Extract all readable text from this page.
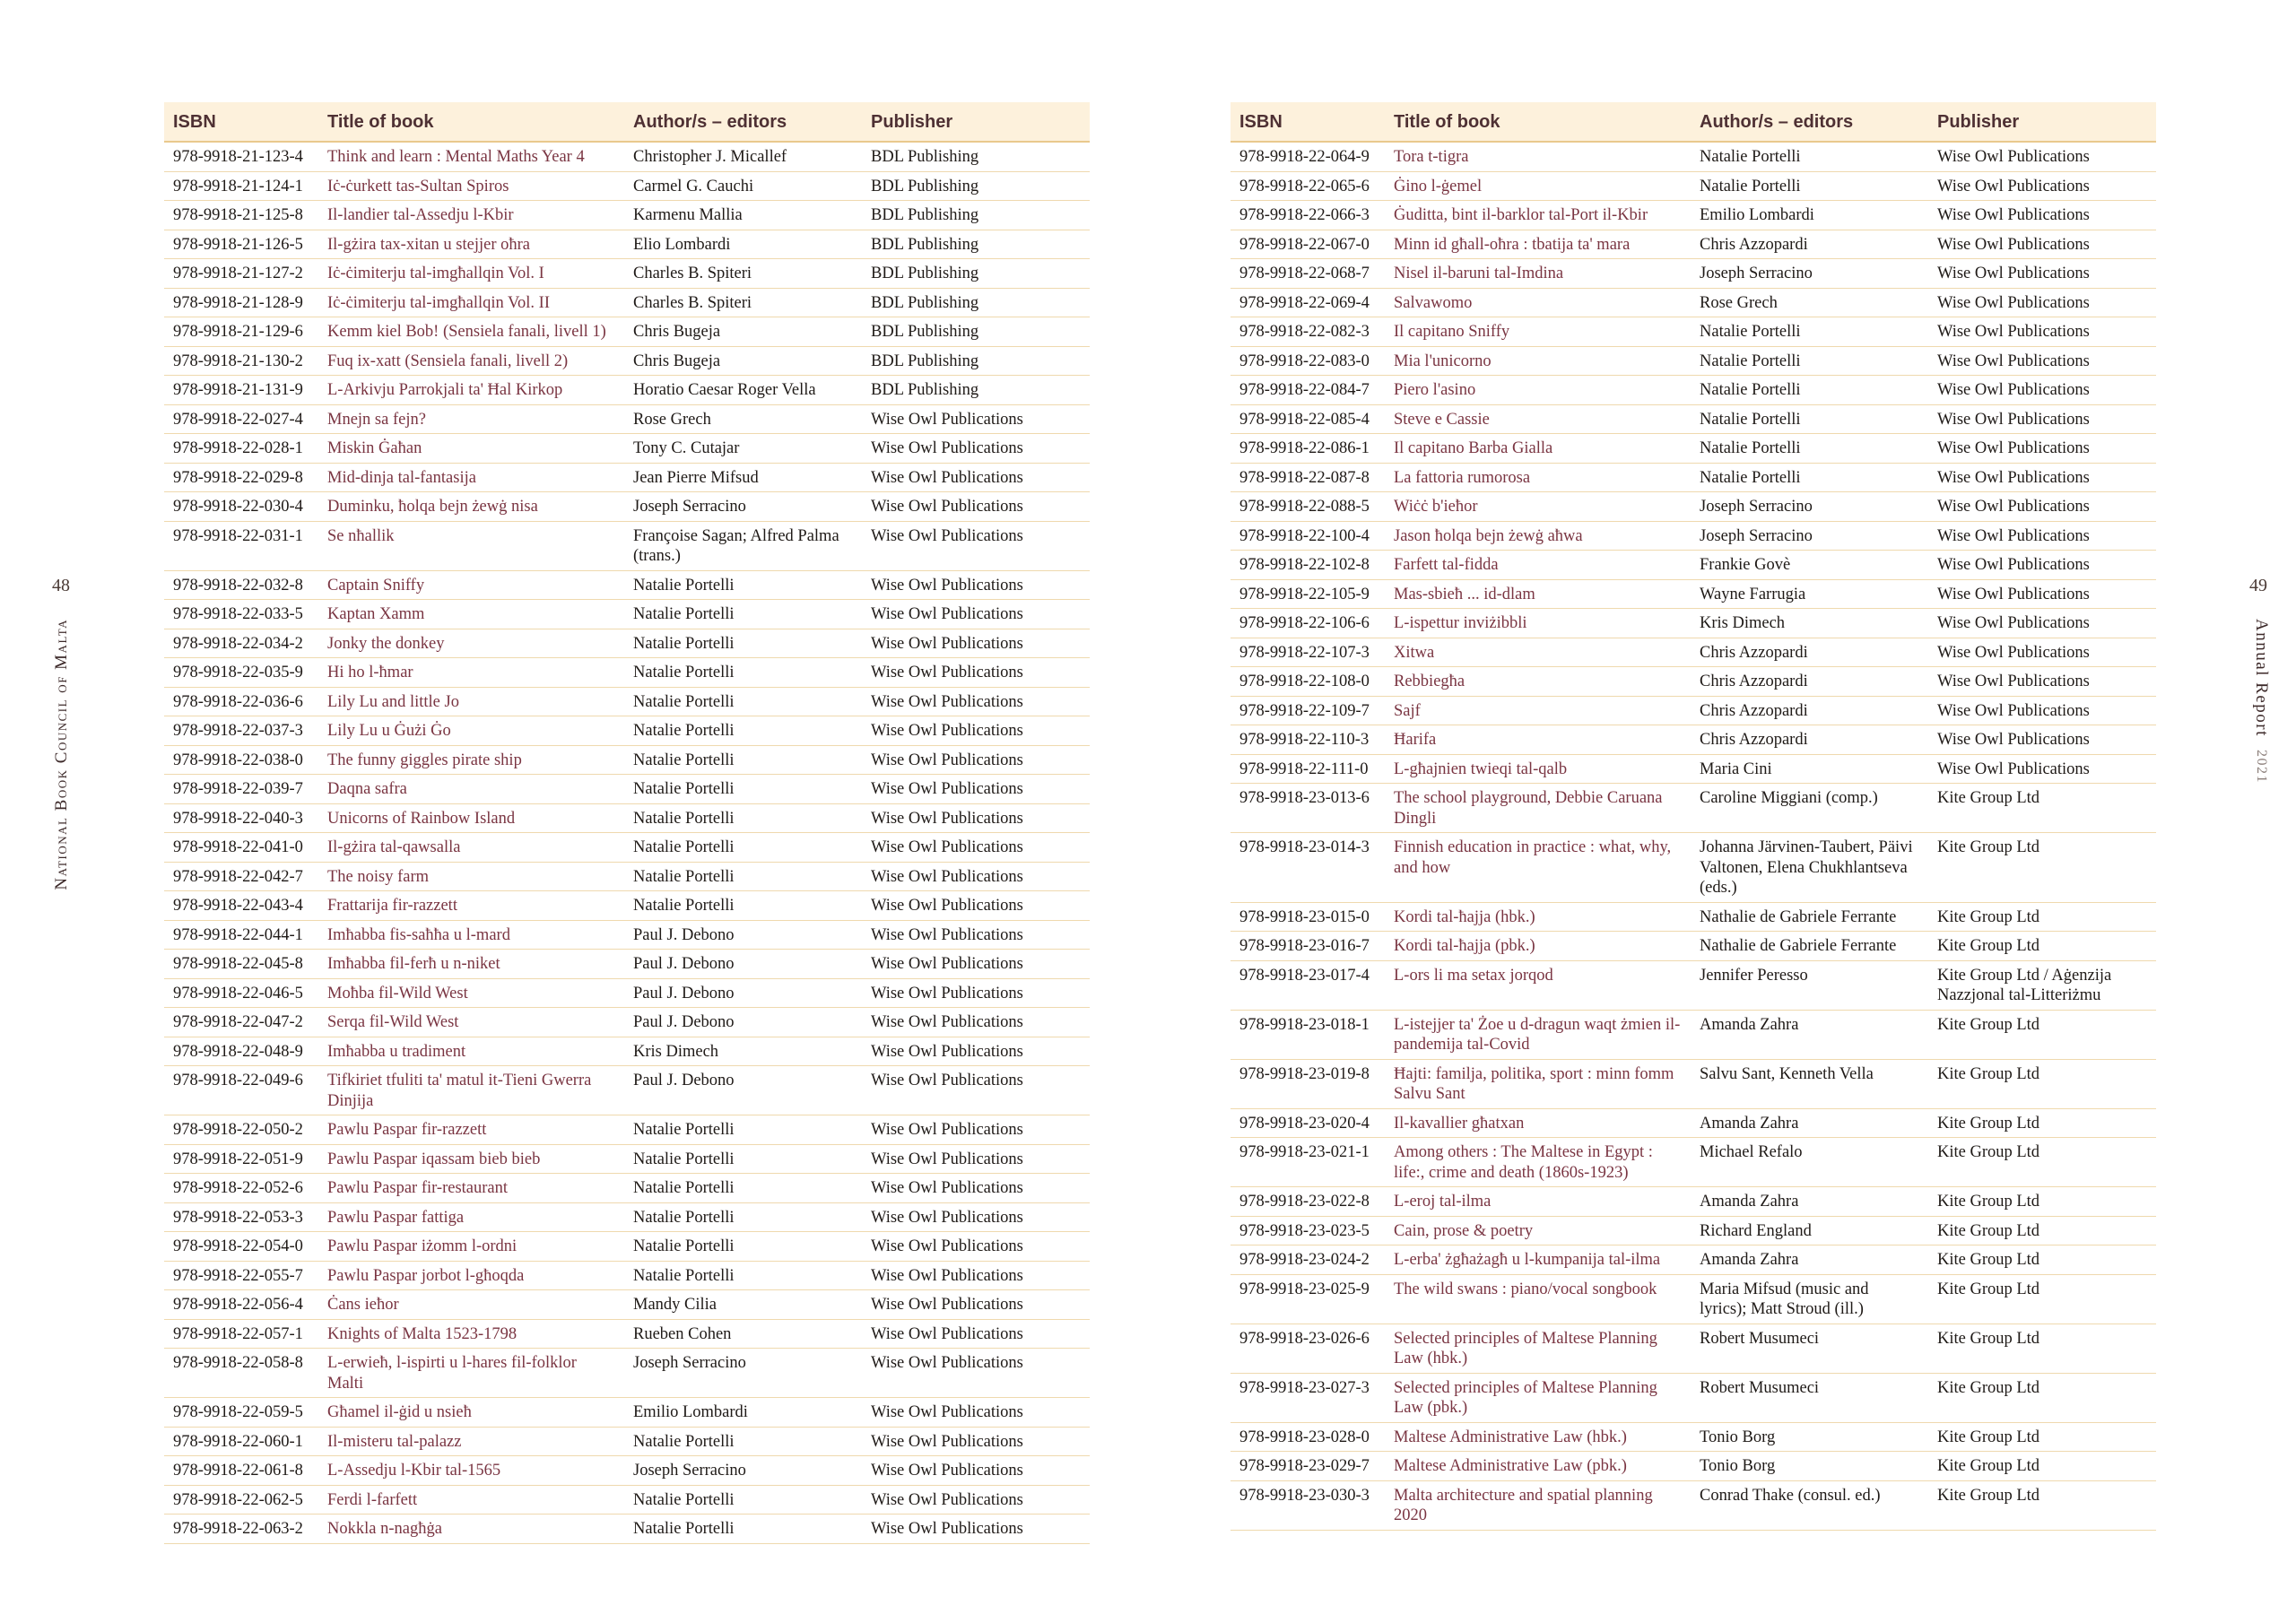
48
National Book Council of Malta
49
Annual Report 2021
ISBN	Title of book	Author/s – editors	Publisher
978-9918-21-123-4	Think and learn : Mental Maths Year 4	Christopher J. Micallef	BDL Publishing
978-9918-21-124-1	Iċ-ċurkett tas-Sultan Spiros	Carmel G. Cauchi	BDL Publishing
978-9918-21-125-8	Il-landier tal-Assedju l-Kbir	Karmenu Mallia	BDL Publishing
978-9918-21-126-5	Il-gżira tax-xitan u stejjer oħra	Elio Lombardi	BDL Publishing
978-9918-21-127-2	Iċ-ċimiterju tal-imgħallqin Vol. I	Charles B. Spiteri	BDL Publishing
978-9918-21-128-9	Iċ-ċimiterju tal-imgħallqin Vol. II	Charles B. Spiteri	BDL Publishing
978-9918-21-129-6	Kemm kiel Bob! (Sensiela fanali, livell 1)	Chris Bugeja	BDL Publishing
978-9918-21-130-2	Fuq ix-xatt (Sensiela fanali, livell 2)	Chris Bugeja	BDL Publishing
978-9918-21-131-9	L-Arkivju Parrokjali ta' Ħal Kirkop	Horatio Caesar Roger Vella	BDL Publishing
978-9918-22-027-4	Mnejn sa fejn?	Rose Grech	Wise Owl Publications
978-9918-22-028-1	Miskin Ġaħan	Tony C. Cutajar	Wise Owl Publications
978-9918-22-029-8	Mid-dinja tal-fantasija	Jean Pierre Mifsud	Wise Owl Publications
978-9918-22-030-4	Duminku, ħolqa bejn żewġ nisa	Joseph Serracino	Wise Owl Publications
978-9918-22-031-1	Se nħallik	Françoise Sagan; Alfred Palma (trans.)	Wise Owl Publications
978-9918-22-032-8	Captain Sniffy	Natalie Portelli	Wise Owl Publications
978-9918-22-033-5	Kaptan Xamm	Natalie Portelli	Wise Owl Publications
978-9918-22-034-2	Jonky the donkey	Natalie Portelli	Wise Owl Publications
978-9918-22-035-9	Hi ho l-ħmar	Natalie Portelli	Wise Owl Publications
978-9918-22-036-6	Lily Lu and little Jo	Natalie Portelli	Wise Owl Publications
978-9918-22-037-3	Lily Lu u Ġużi Ġo	Natalie Portelli	Wise Owl Publications
978-9918-22-038-0	The funny giggles pirate ship	Natalie Portelli	Wise Owl Publications
978-9918-22-039-7	Daqna safra	Natalie Portelli	Wise Owl Publications
978-9918-22-040-3	Unicorns of Rainbow Island	Natalie Portelli	Wise Owl Publications
978-9918-22-041-0	Il-gżira tal-qawsalla	Natalie Portelli	Wise Owl Publications
978-9918-22-042-7	The noisy farm	Natalie Portelli	Wise Owl Publications
978-9918-22-043-4	Frattarija fir-razzett	Natalie Portelli	Wise Owl Publications
978-9918-22-044-1	Imħabba fis-saħħa u l-mard	Paul J. Debono	Wise Owl Publications
978-9918-22-045-8	Imħabba fil-ferħ u n-niket	Paul J. Debono	Wise Owl Publications
978-9918-22-046-5	Moħba fil-Wild West	Paul J. Debono	Wise Owl Publications
978-9918-22-047-2	Serqa fil-Wild West	Paul J. Debono	Wise Owl Publications
978-9918-22-048-9	Imħabba u tradiment	Kris Dimech	Wise Owl Publications
978-9918-22-049-6	Tifkiriet tfuliti ta' matul it-Tieni Gwerra Dinjija	Paul J. Debono	Wise Owl Publications
978-9918-22-050-2	Pawlu Paspar fir-razzett	Natalie Portelli	Wise Owl Publications
978-9918-22-051-9	Pawlu Paspar iqassam bieb bieb	Natalie Portelli	Wise Owl Publications
978-9918-22-052-6	Pawlu Paspar fir-restaurant	Natalie Portelli	Wise Owl Publications
978-9918-22-053-3	Pawlu Paspar fattiga	Natalie Portelli	Wise Owl Publications
978-9918-22-054-0	Pawlu Paspar iżomm l-ordni	Natalie Portelli	Wise Owl Publications
978-9918-22-055-7	Pawlu Paspar jorbot l-għoqda	Natalie Portelli	Wise Owl Publications
978-9918-22-056-4	Ċans ieħor	Mandy Cilia	Wise Owl Publications
978-9918-22-057-1	Knights of Malta 1523-1798	Rueben Cohen	Wise Owl Publications
978-9918-22-058-8	L-erwieħ, l-ispirti u l-hares fil-folklor Malti	Joseph Serracino	Wise Owl Publications
978-9918-22-059-5	Għamel il-ġid u nsieħ	Emilio Lombardi	Wise Owl Publications
978-9918-22-060-1	Il-misteru tal-palazz	Natalie Portelli	Wise Owl Publications
978-9918-22-061-8	L-Assedju l-Kbir tal-1565	Joseph Serracino	Wise Owl Publications
978-9918-22-062-5	Ferdi l-farfett	Natalie Portelli	Wise Owl Publications
978-9918-22-063-2	Nokkla n-nagħġa	Natalie Portelli	Wise Owl Publications
ISBN	Title of book	Author/s – editors	Publisher
978-9918-22-064-9	Tora t-tigra	Natalie Portelli	Wise Owl Publications
978-9918-22-065-6	Ġino l-ġemel	Natalie Portelli	Wise Owl Publications
978-9918-22-066-3	Ġuditta, bint il-barklor tal-Port il-Kbir	Emilio Lombardi	Wise Owl Publications
978-9918-22-067-0	Minn id għall-oħra : tbatija ta' mara	Chris Azzopardi	Wise Owl Publications
978-9918-22-068-7	Nisel il-baruni tal-Imdina	Joseph Serracino	Wise Owl Publications
978-9918-22-069-4	Salvawomo	Rose Grech	Wise Owl Publications
978-9918-22-082-3	Il capitano Sniffy	Natalie Portelli	Wise Owl Publications
978-9918-22-083-0	Mia l'unicorno	Natalie Portelli	Wise Owl Publications
978-9918-22-084-7	Piero l'asino	Natalie Portelli	Wise Owl Publications
978-9918-22-085-4	Steve e Cassie	Natalie Portelli	Wise Owl Publications
978-9918-22-086-1	Il capitano Barba Gialla	Natalie Portelli	Wise Owl Publications
978-9918-22-087-8	La fattoria rumorosa	Natalie Portelli	Wise Owl Publications
978-9918-22-088-5	Wiċċ b'ieħor	Joseph Serracino	Wise Owl Publications
978-9918-22-100-4	Jason ħolqa bejn żewġ aħwa	Joseph Serracino	Wise Owl Publications
978-9918-22-102-8	Farfett tal-fidda	Frankie Govè	Wise Owl Publications
978-9918-22-105-9	Mas-sbieħ ... id-dlam	Wayne Farrugia	Wise Owl Publications
978-9918-22-106-6	L-ispettur inviżibbli	Kris Dimech	Wise Owl Publications
978-9918-22-107-3	Xitwa	Chris Azzopardi	Wise Owl Publications
978-9918-22-108-0	Rebbiegħa	Chris Azzopardi	Wise Owl Publications
978-9918-22-109-7	Sajf	Chris Azzopardi	Wise Owl Publications
978-9918-22-110-3	Ħarifa	Chris Azzopardi	Wise Owl Publications
978-9918-22-111-0	L-għajnien twieqi tal-qalb	Maria Cini	Wise Owl Publications
978-9918-23-013-6	The school playground, Debbie Caruana Dingli	Caroline Miggiani (comp.)	Kite Group Ltd
978-9918-23-014-3	Finnish education in practice : what, why, and how	Johanna Järvinen-Taubert, Päivi Valtonen, Elena Chukhlantseva (eds.)	Kite Group Ltd
978-9918-23-015-0	Kordi tal-ħajja (hbk.)	Nathalie de Gabriele Ferrante	Kite Group Ltd
978-9918-23-016-7	Kordi tal-ħajja (pbk.)	Nathalie de Gabriele Ferrante	Kite Group Ltd
978-9918-23-017-4	L-ors li ma setax jorqod	Jennifer Peresso	Kite Group Ltd / Aġenzija Nazzjonal tal-Litteriżmu
978-9918-23-018-1	L-istejjer ta' Żoe u d-dragun waqt żmien il-pandemija tal-Covid	Amanda Zahra	Kite Group Ltd
978-9918-23-019-8	Ħajti: familja, politika, sport : minn fomm Salvu Sant	Salvu Sant, Kenneth Vella	Kite Group Ltd
978-9918-23-020-4	Il-kavallier għatxan	Amanda Zahra	Kite Group Ltd
978-9918-23-021-1	Among others : The Maltese in Egypt : life:, crime and death (1860s-1923)	Michael Refalo	Kite Group Ltd
978-9918-23-022-8	L-eroj tal-ilma	Amanda Zahra	Kite Group Ltd
978-9918-23-023-5	Cain, prose & poetry	Richard England	Kite Group Ltd
978-9918-23-024-2	L-erba' żgħażagħ u l-kumpanija tal-ilma	Amanda Zahra	Kite Group Ltd
978-9918-23-025-9	The wild swans : piano/vocal songbook	Maria Mifsud (music and lyrics); Matt Stroud (ill.)	Kite Group Ltd
978-9918-23-026-6	Selected principles of Maltese Planning Law (hbk.)	Robert Musumeci	Kite Group Ltd
978-9918-23-027-3	Selected principles of Maltese Planning Law (pbk.)	Robert Musumeci	Kite Group Ltd
978-9918-23-028-0	Maltese Administrative Law (hbk.)	Tonio Borg	Kite Group Ltd
978-9918-23-029-7	Maltese Administrative Law (pbk.)	Tonio Borg	Kite Group Ltd
978-9918-23-030-3	Malta architecture and spatial planning 2020	Conrad Thake (consul. ed.)	Kite Group Ltd
